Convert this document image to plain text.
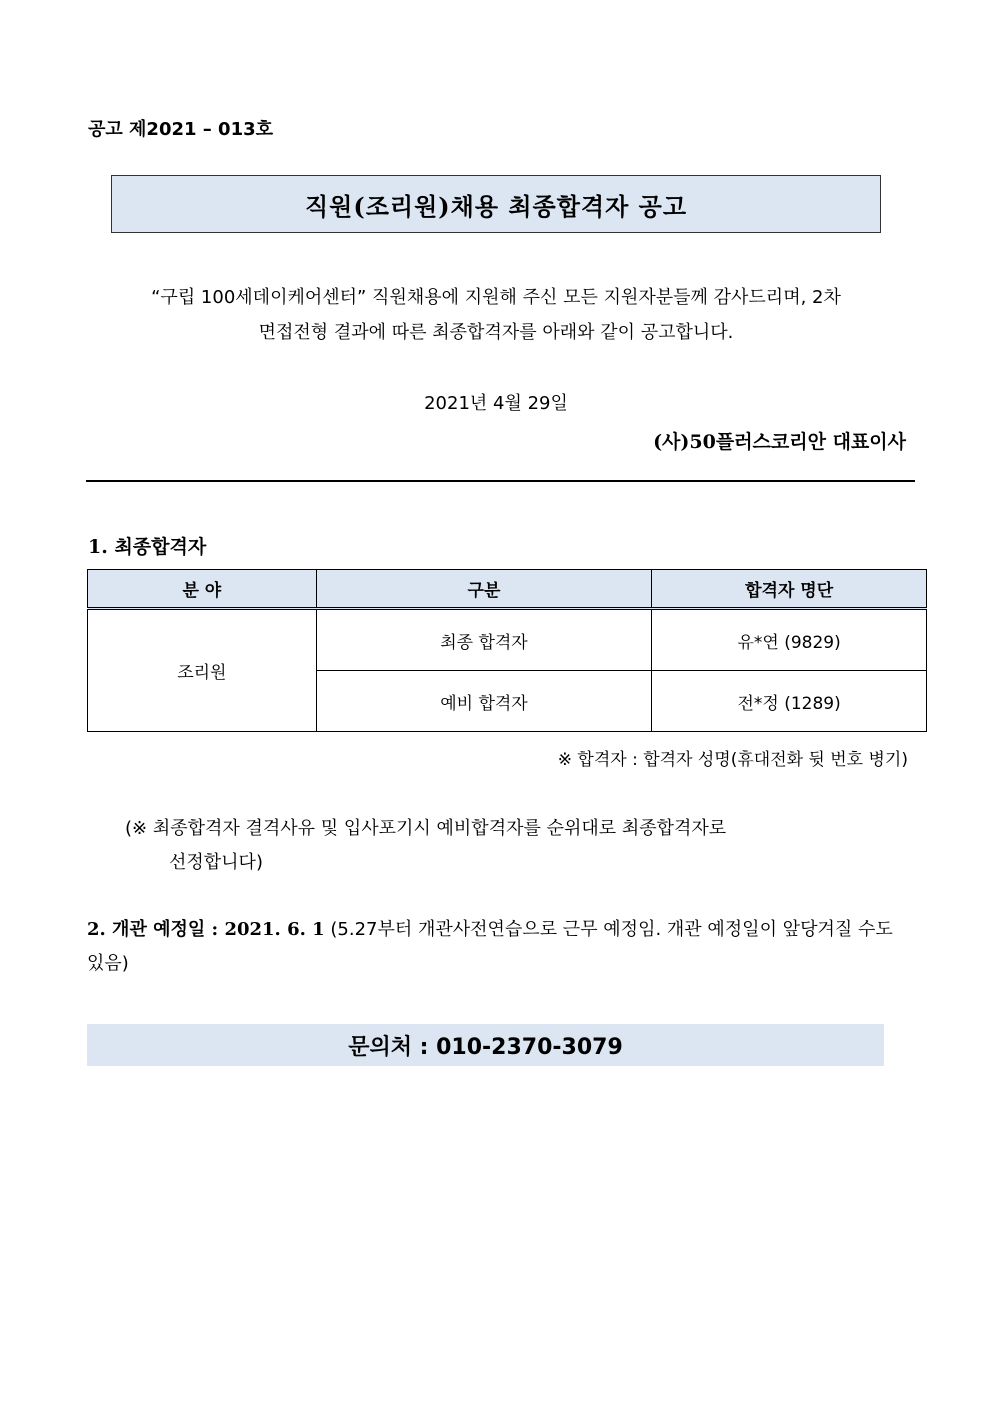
공고 제2021 – 013호
직원(조리원)채용 최종합격자 공고
“구립 100세데이케어센터” 직원채용에 지원해 주신 모든 지원자분들께 감사드리며, 2차
면접전형 결과에 따른 최종합격자를 아래와 같이 공고합니다.
2021년 4월 29일
(사)50플러스코리안 대표이사
1. 최종합격자
분 야	구분	합격자 명단
조리원	최종 합격자	유*연 (9829)
	예비 합격자	전*정 (1289)
※ 합격자 : 합격자 성명(휴대전화 뒷 번호 병기)
(※ 최종합격자 결격사유 및 입사포기시 예비합격자를 순위대로 최종합격자로
선정합니다)
2. 개관 예정일 : 2021. 6. 1 (5.27부터 개관사전연습으로 근무 예정임. 개관 예정일이 앞당겨질 수도 있음)
문의처 : 010-2370-3079
